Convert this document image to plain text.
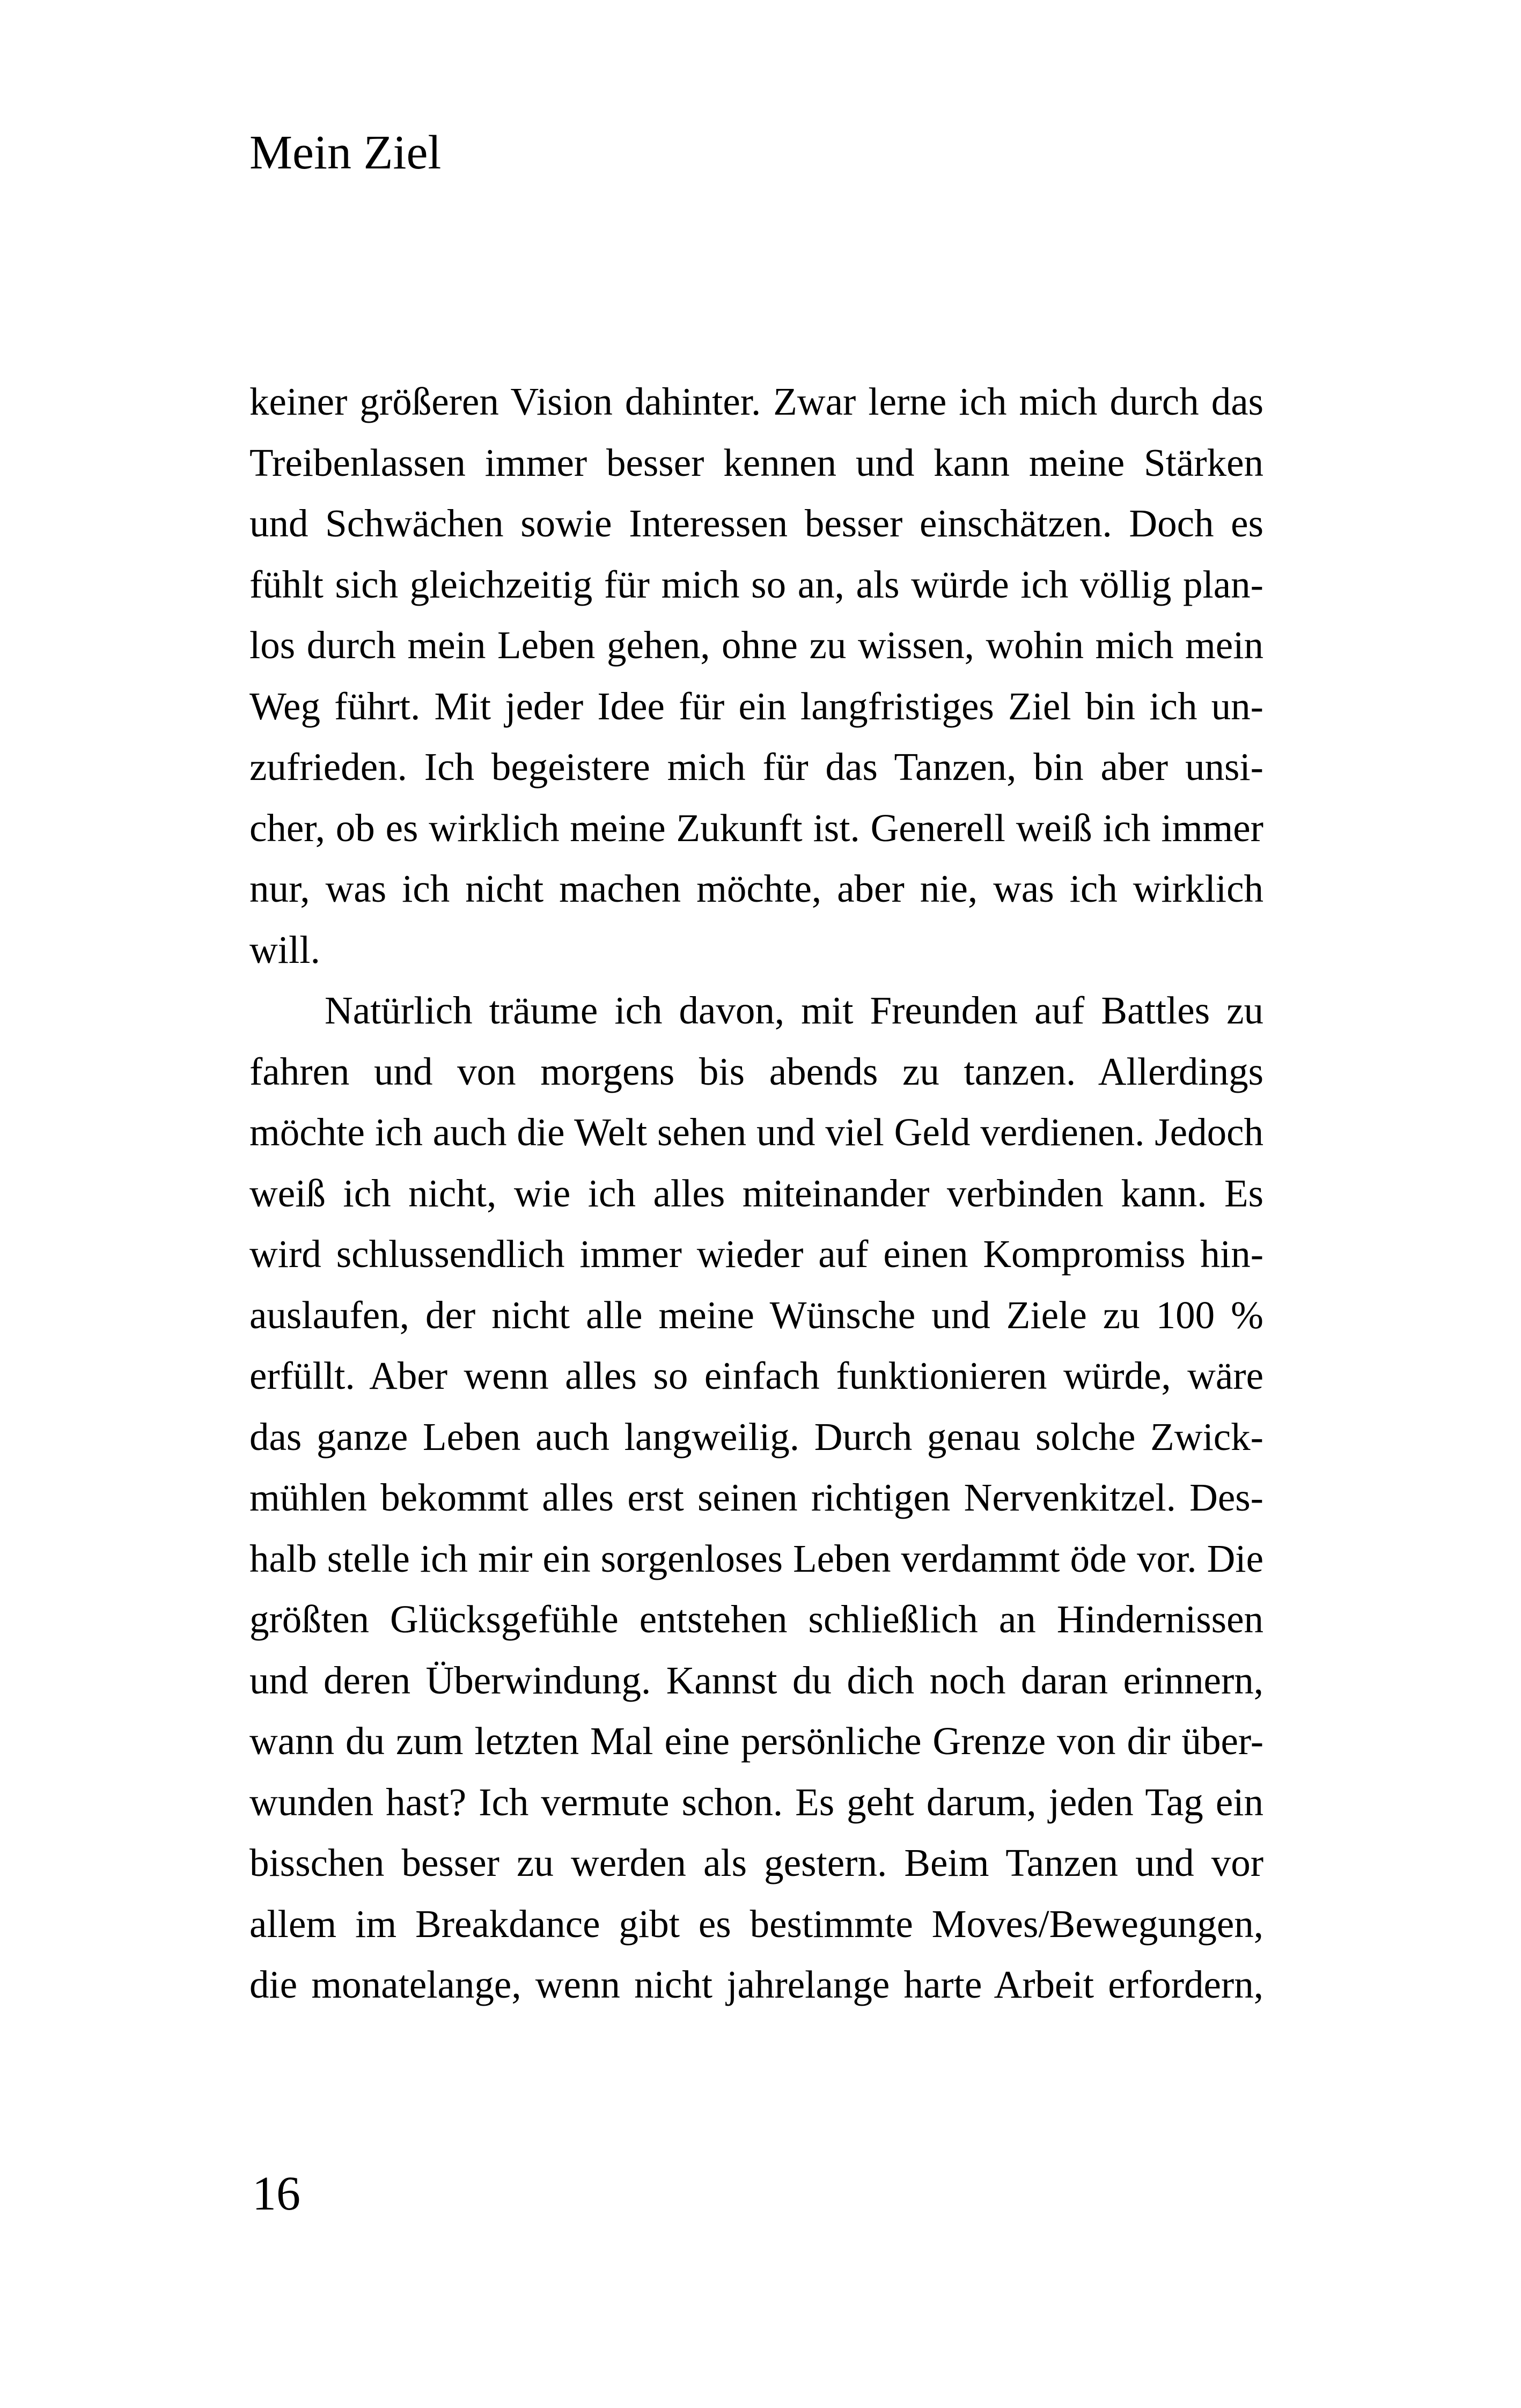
Mein Ziel
keiner größeren Vision dahinter. Zwar lerne ich mich durch das
Treibenlassen immer besser kennen und kann meine Stärken
und Schwächen sowie Interessen besser einschätzen. Doch es
fühlt sich gleichzeitig für mich so an, als würde ich völlig plan-
los durch mein Leben gehen, ohne zu wissen, wohin mich mein
Weg führt. Mit jeder Idee für ein langfristiges Ziel bin ich un-
zufrieden. Ich begeistere mich für das Tanzen, bin aber unsi-
cher, ob es wirklich meine Zukunft ist. Generell weiß ich immer
nur, was ich nicht machen möchte, aber nie, was ich wirklich
will.
Natürlich träume ich davon, mit Freunden auf Battles zu
fahren und von morgens bis abends zu tanzen. Allerdings
möchte ich auch die Welt sehen und viel Geld verdienen. Jedoch
weiß ich nicht, wie ich alles miteinander verbinden kann. Es
wird schlussendlich immer wieder auf einen Kompromiss hin-
auslaufen, der nicht alle meine Wünsche und Ziele zu 100 %
erfüllt. Aber wenn alles so einfach funktionieren würde, wäre
das ganze Leben auch langweilig. Durch genau solche Zwick-
mühlen bekommt alles erst seinen richtigen Nervenkitzel. Des-
halb stelle ich mir ein sorgenloses Leben verdammt öde vor. Die
größten Glücksgefühle entstehen schließlich an Hindernissen
und deren Überwindung. Kannst du dich noch daran erinnern,
wann du zum letzten Mal eine persönliche Grenze von dir über-
wunden hast? Ich vermute schon. Es geht darum, jeden Tag ein
bisschen besser zu werden als gestern. Beim Tanzen und vor
allem im Breakdance gibt es bestimmte Moves/Bewegungen,
die monatelange, wenn nicht jahrelange harte Arbeit erfordern,
16
